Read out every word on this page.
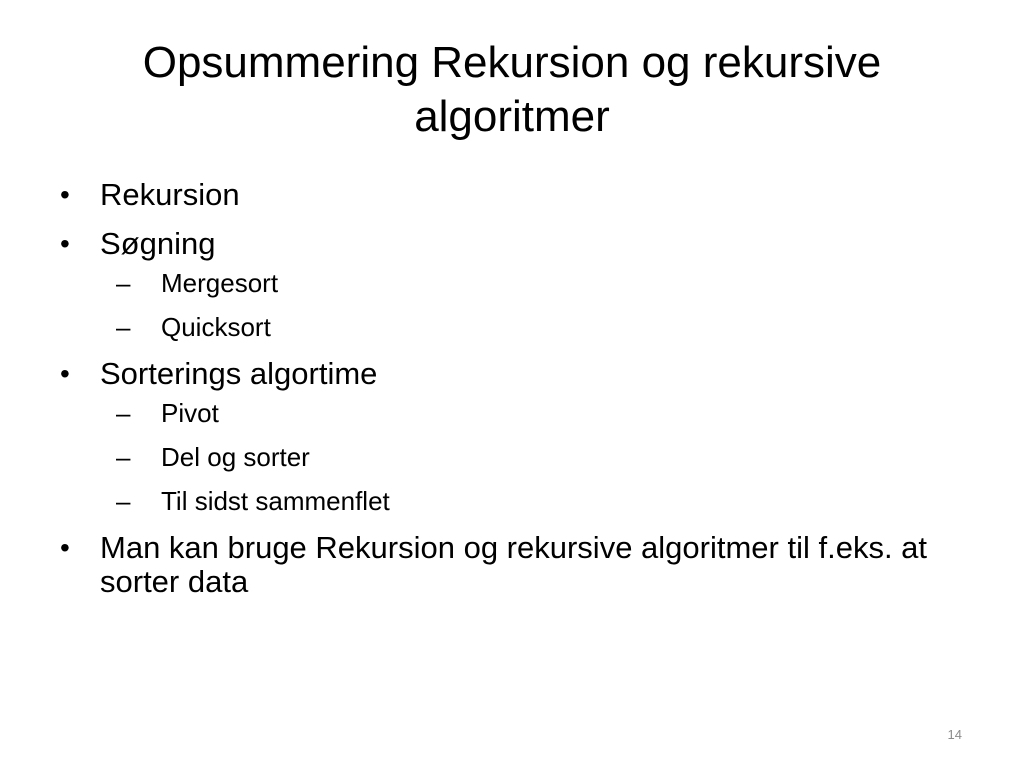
Opsummering Rekursion og rekursive algoritmer
• Rekursion
• Søgning
– Mergesort
– Quicksort
• Sorterings algortime
– Pivot
– Del og sorter
– Til sidst sammenflet
• Man kan bruge Rekursion og rekursive algoritmer til f.eks. at sorter data
14
